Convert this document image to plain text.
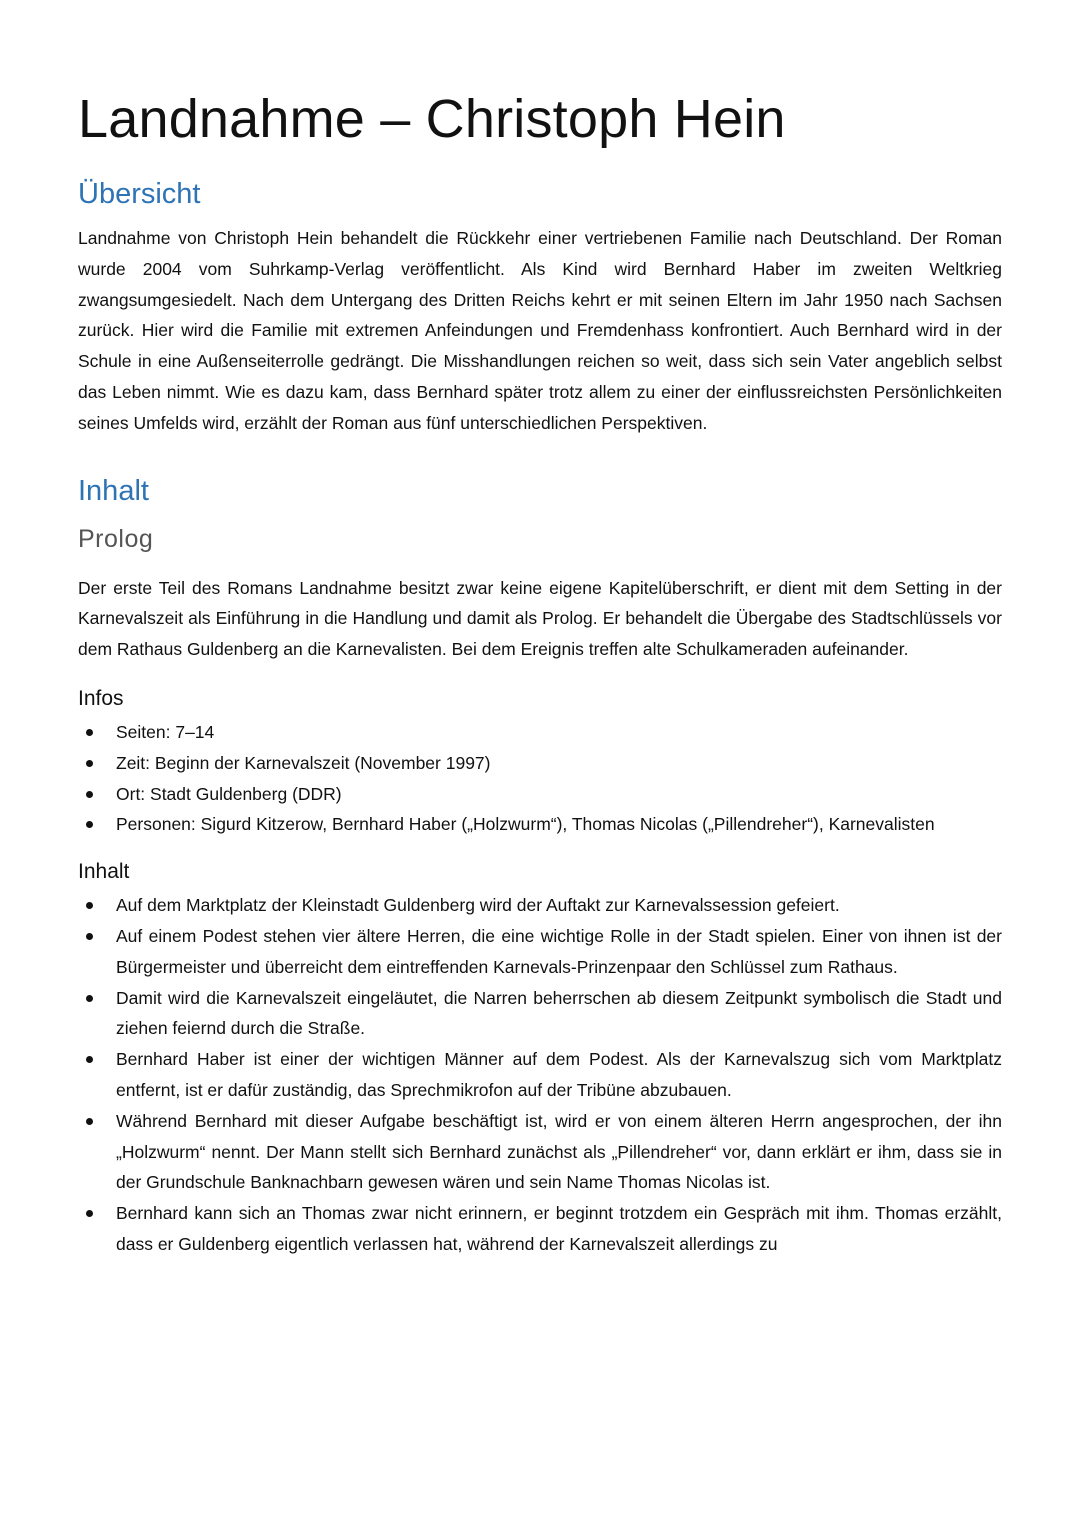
Landnahme – Christoph Hein
Übersicht

Landnahme von Christoph Hein behandelt die Rückkehr einer vertriebenen Familie nach Deutschland. Der Roman wurde 2004 vom Suhrkamp-Verlag veröffentlicht. Als Kind wird Bernhard Haber im zweiten Weltkrieg zwangsumgesiedelt. Nach dem Untergang des Dritten Reichs kehrt er mit seinen Eltern im Jahr 1950 nach Sachsen zurück. Hier wird die Familie mit extremen Anfeindungen und Fremdenhass konfrontiert. Auch Bernhard wird in der Schule in eine Außenseiterrolle gedrängt. Die Misshandlungen reichen so weit, dass sich sein Vater angeblich selbst das Leben nimmt. Wie es dazu kam, dass Bernhard später trotz allem zu einer der einflussreichsten Persönlichkeiten seines Umfelds wird, erzählt der Roman aus fünf unterschiedlichen Perspektiven.

Inhalt
Prolog

Der erste Teil des Romans Landnahme besitzt zwar keine eigene Kapitelüberschrift, er dient mit dem Setting in der Karnevalszeit als Einführung in die Handlung und damit als Prolog. Er behandelt die Übergabe des Stadtschlüssels vor dem Rathaus Guldenberg an die Karnevalisten. Bei dem Ereignis treffen alte Schulkameraden aufeinander.

Infos
Seiten: 7–14
Zeit: Beginn der Karnevalszeit (November 1997)
Ort: Stadt Guldenberg (DDR)
Personen: Sigurd Kitzerow, Bernhard Haber („Holzwurm“), Thomas Nicolas („Pillendreher“), Karnevalisten
Inhalt
Auf dem Marktplatz der Kleinstadt Guldenberg wird der Auftakt zur Karnevalssession gefeiert.
Auf einem Podest stehen vier ältere Herren, die eine wichtige Rolle in der Stadt spielen. Einer von ihnen ist der Bürgermeister und überreicht dem eintreffenden Karnevals-Prinzenpaar den Schlüssel zum Rathaus.
Damit wird die Karnevalszeit eingeläutet, die Narren beherrschen ab diesem Zeitpunkt symbolisch die Stadt und ziehen feiernd durch die Straße.
Bernhard Haber ist einer der wichtigen Männer auf dem Podest. Als der Karnevalszug sich vom Marktplatz entfernt, ist er dafür zuständig, das Sprechmikrofon auf der Tribüne abzubauen.
Während Bernhard mit dieser Aufgabe beschäftigt ist, wird er von einem älteren Herrn angesprochen, der ihn „Holzwurm“ nennt. Der Mann stellt sich Bernhard zunächst als „Pillendreher“ vor, dann erklärt er ihm, dass sie in der Grundschule Banknachbarn gewesen wären und sein Name Thomas Nicolas ist.
Bernhard kann sich an Thomas zwar nicht erinnern, er beginnt trotzdem ein Gespräch mit ihm. Thomas erzählt, dass er Guldenberg eigentlich verlassen hat, während der Karnevalszeit allerdings zu
